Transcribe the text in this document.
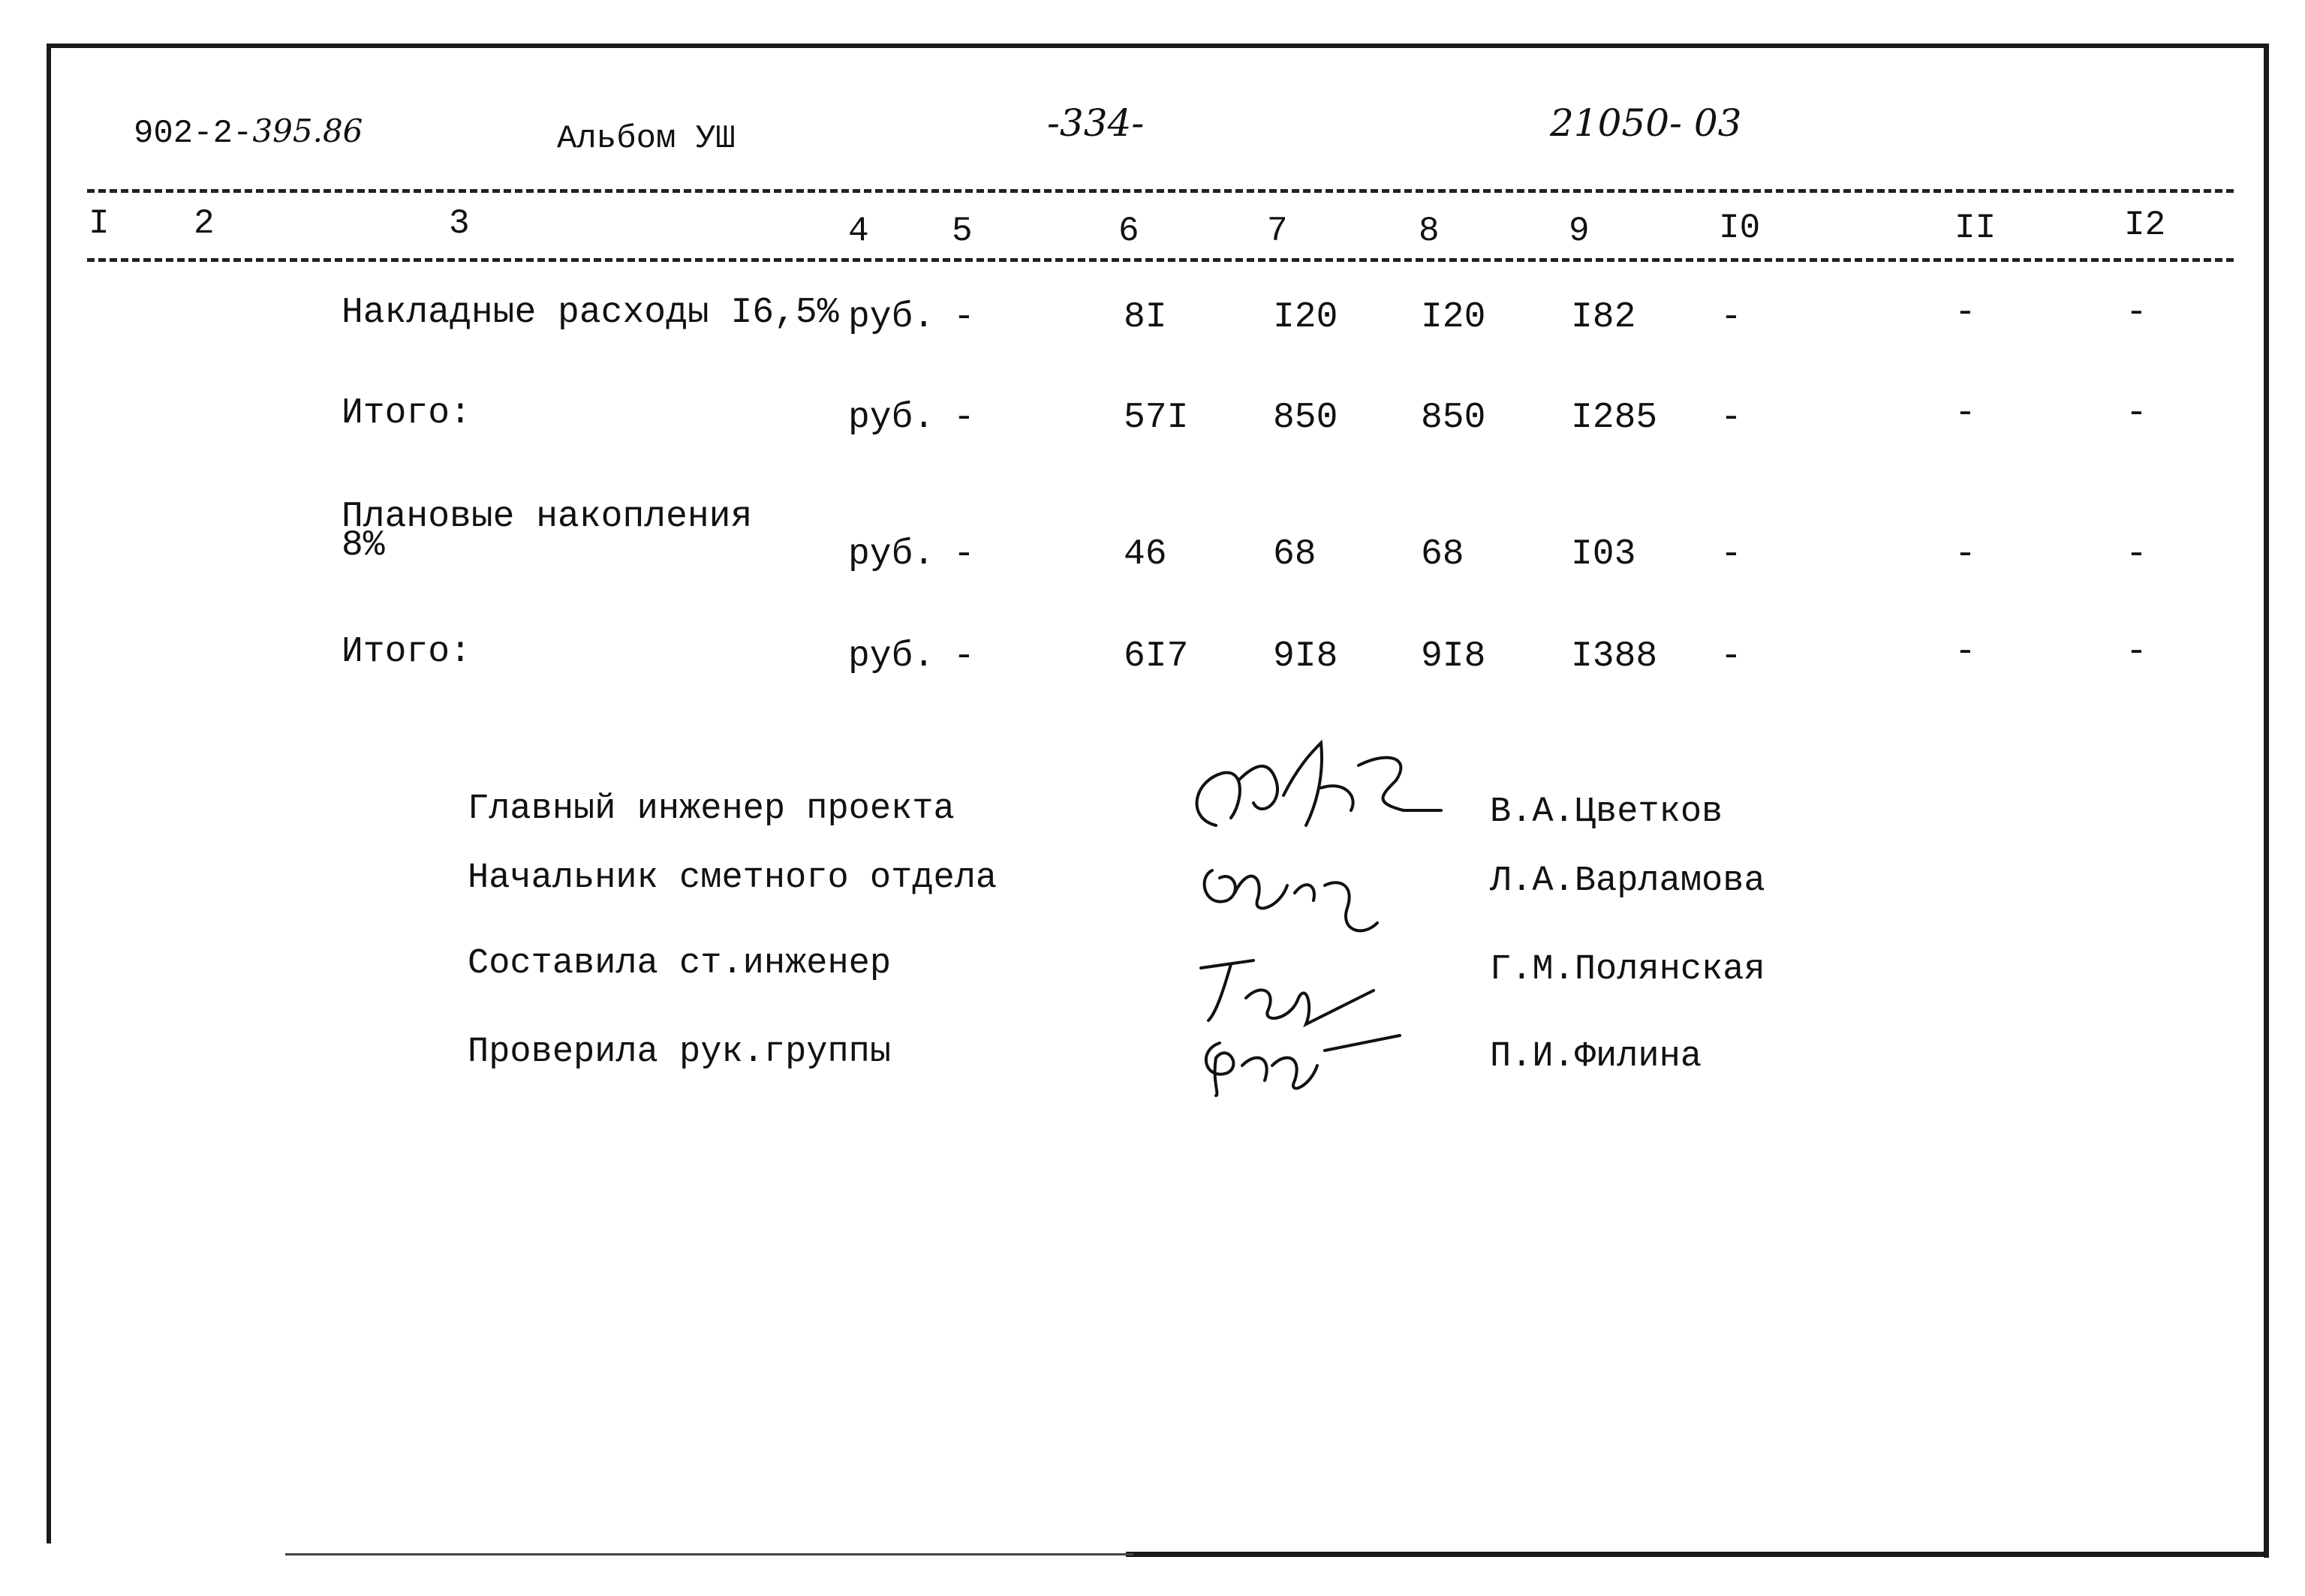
902-2-395.86	Альбом УШ	-334-	21050- 03
I 2	3	4 5	6	7	8	9	I0	II	I2
Накладные расходы I6,5% руб. -	8I	I20 I20 I82 -	-	-
Итого:	руб. -	57I 850 850 I285 -	-	-
Плановые накопления
8%	руб. -	46	68	68	I03 -	-	-
Итого:	руб. -	6I7 9I8 9I8 I388 -	-	-
Главный инженер проекта	В.А.Цветков
Начальник сметного отдела	Л.А.Варламова
Составила ст.инженер	Г.М.Полянская
Проверила рук.группы	П.И.Филина
